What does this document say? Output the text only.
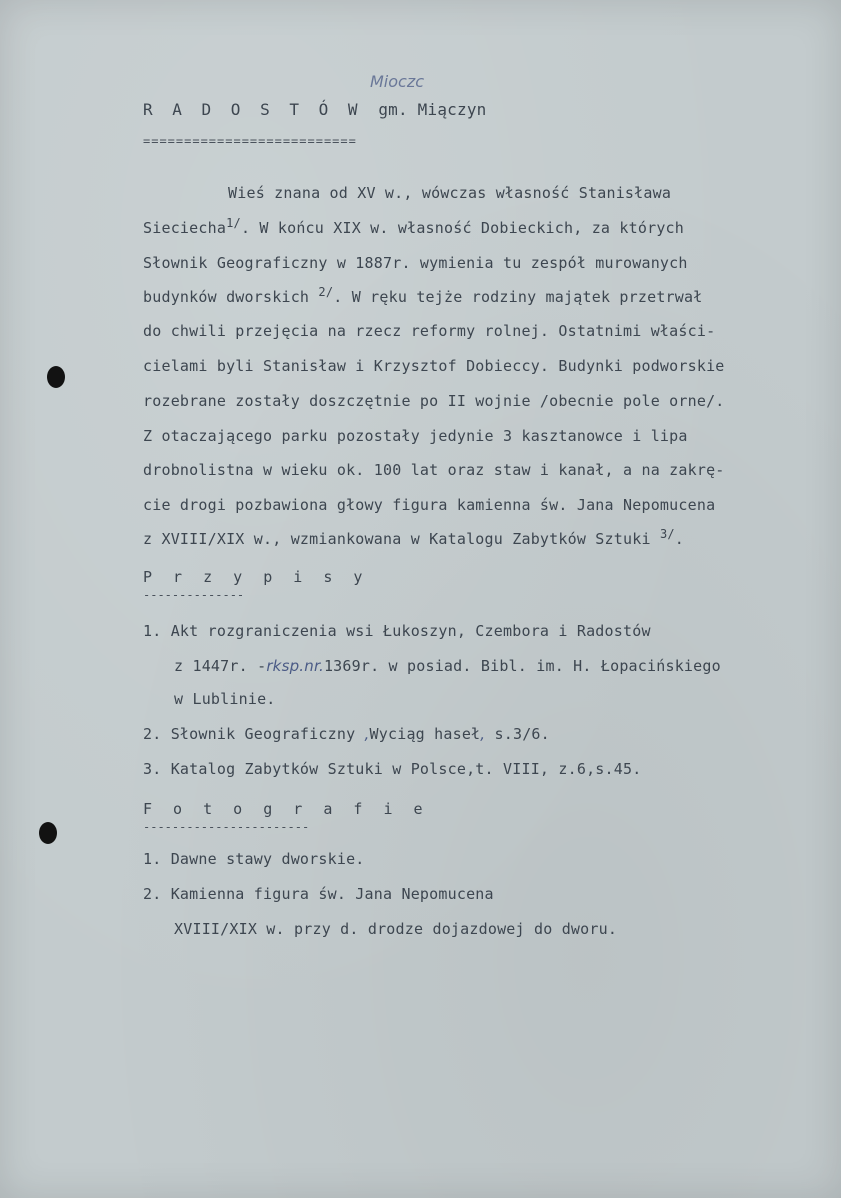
Mioczc
R A D O S T Ó W gm. Miączyn
==========================
Wieś znana od XV w., wówczas własność Stanisława
Sieciecha$^{1/}$. W końcu XIX w. własność Dobieckich, za których
Słownik Geograficzny w 1887r. wymienia tu zespół murowanych
budynków dworskich $^{2/}$. W ręku tejże rodziny majątek przetrwał
do chwili przejęcia na rzecz reformy rolnej. Ostatnimi właści-
cielami byli Stanisław i Krzysztof Dobieccy. Budynki podworskie
rozebrane zostały doszczętnie po II wojnie /obecnie pole orne/.
Z otaczającego parku pozostały jedynie 3 kasztanowce i lipa
drobnolistna w wieku ok. 100 lat oraz staw i kanał, a na zakrę-
cie drogi pozbawiona głowy figura kamienna św. Jana Nepomucena
z XVIII/XIX w., wzmiankowana w Katalogu Zabytków Sztuki $^{3/}$.
P r z y p i s y
--------------
1. Akt rozgraniczenia wsi Łukoszyn, Czembora i Radostów
z 1447r. -rksp.nr.1369r. w posiad. Bibl. im. H. Łopacińskiego
w Lublinie.
2. Słownik Geograficzny ,Wyciąg haseł, s.3/6.
3. Katalog Zabytków Sztuki w Polsce,t. VIII, z.6,s.45.
F o t o g r a f i e
-----------------------
1. Dawne stawy dworskie.
2. Kamienna figura św. Jana Nepomucena
XVIII/XIX w. przy d. drodze dojazdowej do dworu.
